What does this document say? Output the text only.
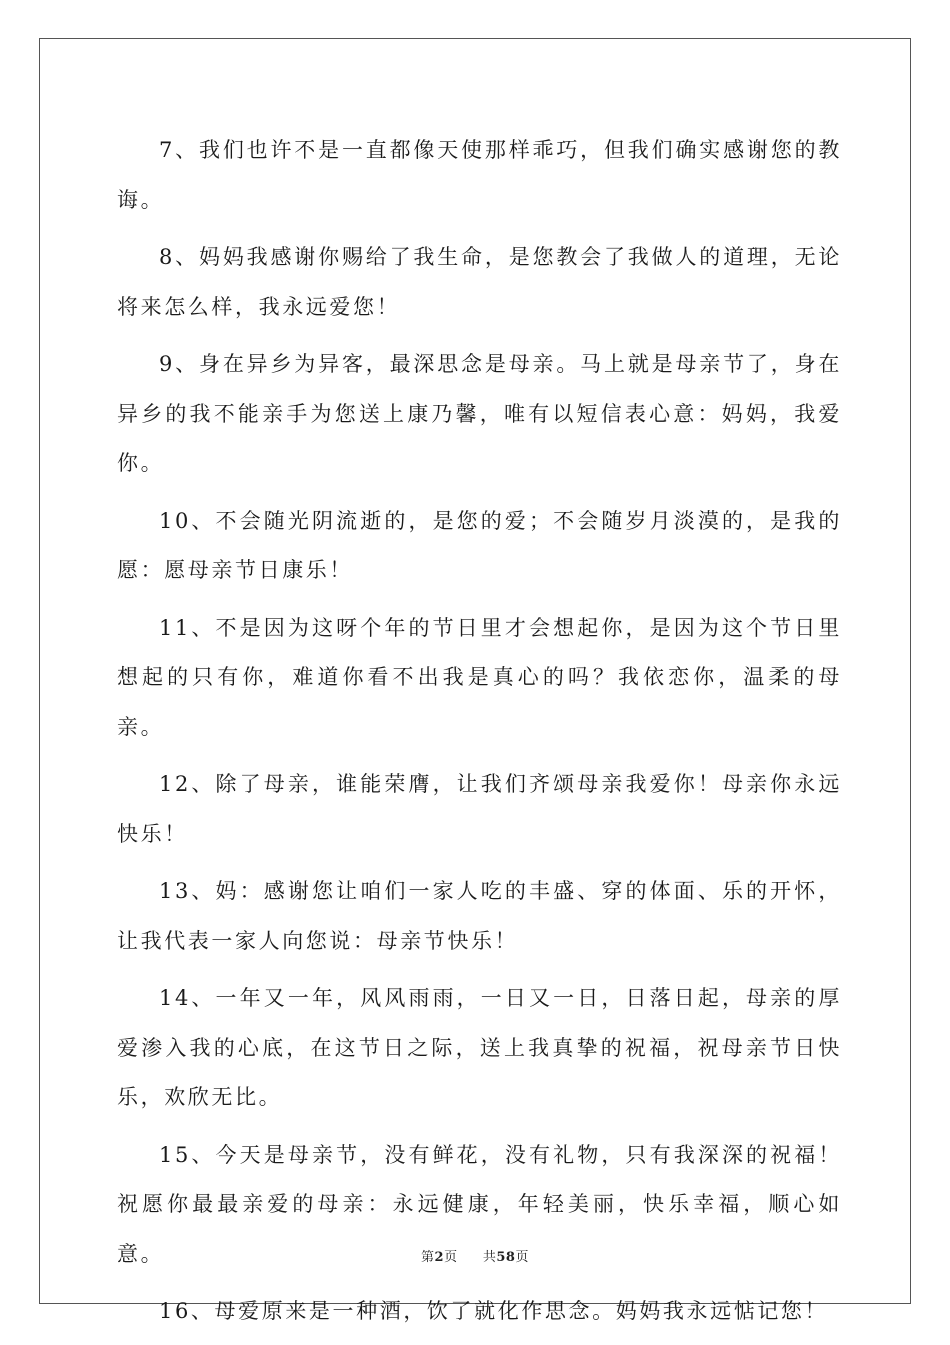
7、我们也许不是一直都像天使那样乖巧，但我们确实感谢您的教诲。

8、妈妈我感谢你赐给了我生命，是您教会了我做人的道理，无论将来怎么样，我永远爱您！

9、身在异乡为异客，最深思念是母亲。马上就是母亲节了，身在异乡的我不能亲手为您送上康乃馨，唯有以短信表心意：妈妈，我爱你。

10、不会随光阴流逝的，是您的爱；不会随岁月淡漠的，是我的愿：愿母亲节日康乐！

11、不是因为这呀个年的节日里才会想起你，是因为这个节日里想起的只有你，难道你看不出我是真心的吗？我依恋你，温柔的母亲。

12、除了母亲，谁能荣膺，让我们齐颂母亲我爱你！母亲你永远快乐！

13、妈：感谢您让咱们一家人吃的丰盛、穿的体面、乐的开怀，让我代表一家人向您说：母亲节快乐！

14、一年又一年，风风雨雨，一日又一日，日落日起，母亲的厚爱渗入我的心底，在这节日之际，送上我真挚的祝福，祝母亲节日快乐，欢欣无比。

15、今天是母亲节，没有鲜花，没有礼物，只有我深深的祝福！祝愿你最最亲爱的母亲：永远健康，年轻美丽，快乐幸福，顺心如意。

16、母爱原来是一种酒，饮了就化作思念。妈妈我永远惦记您！

第2页 共58页
